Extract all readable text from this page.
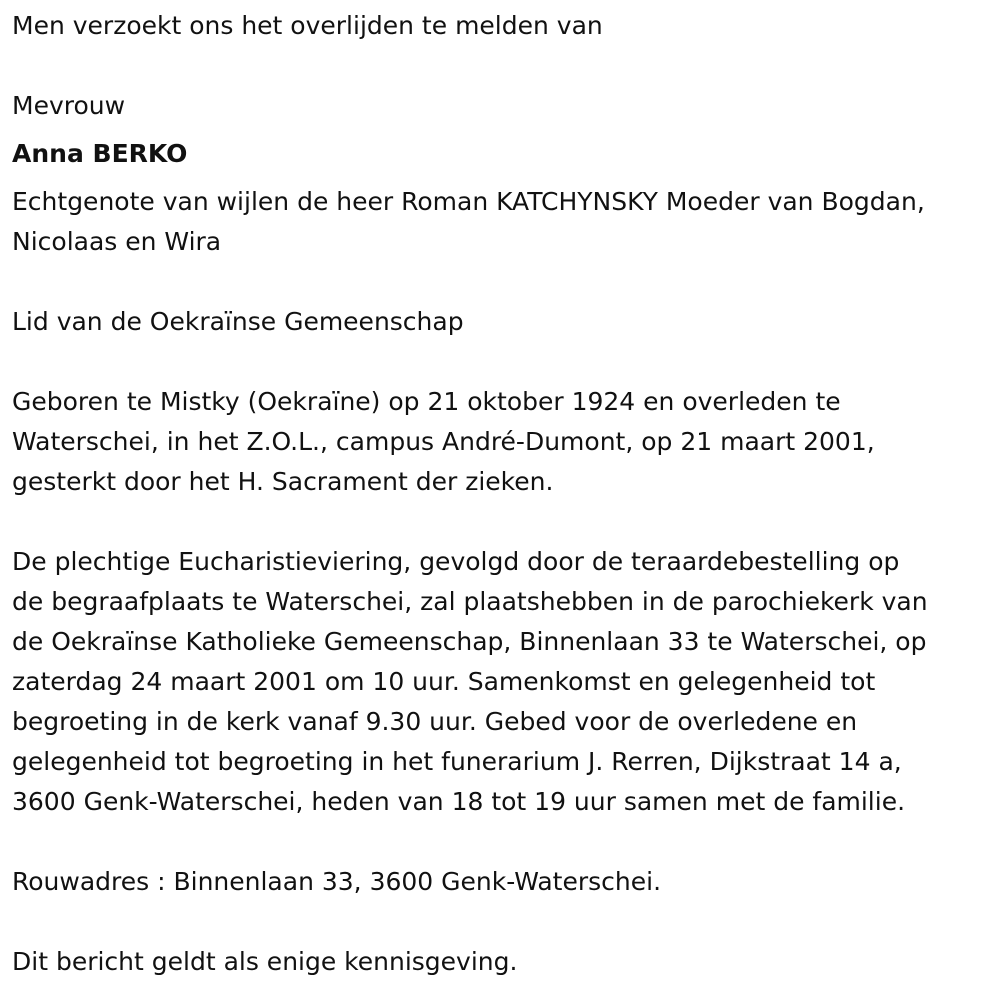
Men verzoekt ons het overlijden te melden van

Mevrouw

Anna BERKO

Echtgenote van wijlen de heer Roman KATCHYNSKY Moeder van Bogdan,

Nicolaas en Wira

Lid van de Oekraïnse Gemeenschap

Geboren te Mistky (Oekraïne) op 21 oktober 1924 en overleden te

Waterschei, in het Z.O.L., campus André-Dumont, op 21 maart 2001,

gesterkt door het H. Sacrament der zieken.

De plechtige Eucharistieviering, gevolgd door de teraardebestelling op

de begraafplaats te Waterschei, zal plaatshebben in de parochiekerk van

de Oekraïnse Katholieke Gemeenschap, Binnenlaan 33 te Waterschei, op

zaterdag 24 maart 2001 om 10 uur. Samenkomst en gelegenheid tot

begroeting in de kerk vanaf 9.30 uur. Gebed voor de overledene en

gelegenheid tot begroeting in het funerarium J. Rerren, Dijkstraat 14 a,

3600 Genk-Waterschei, heden van 18 tot 19 uur samen met de familie.

Rouwadres : Binnenlaan 33, 3600 Genk-Waterschei.

Dit bericht geldt als enige kennisgeving.
